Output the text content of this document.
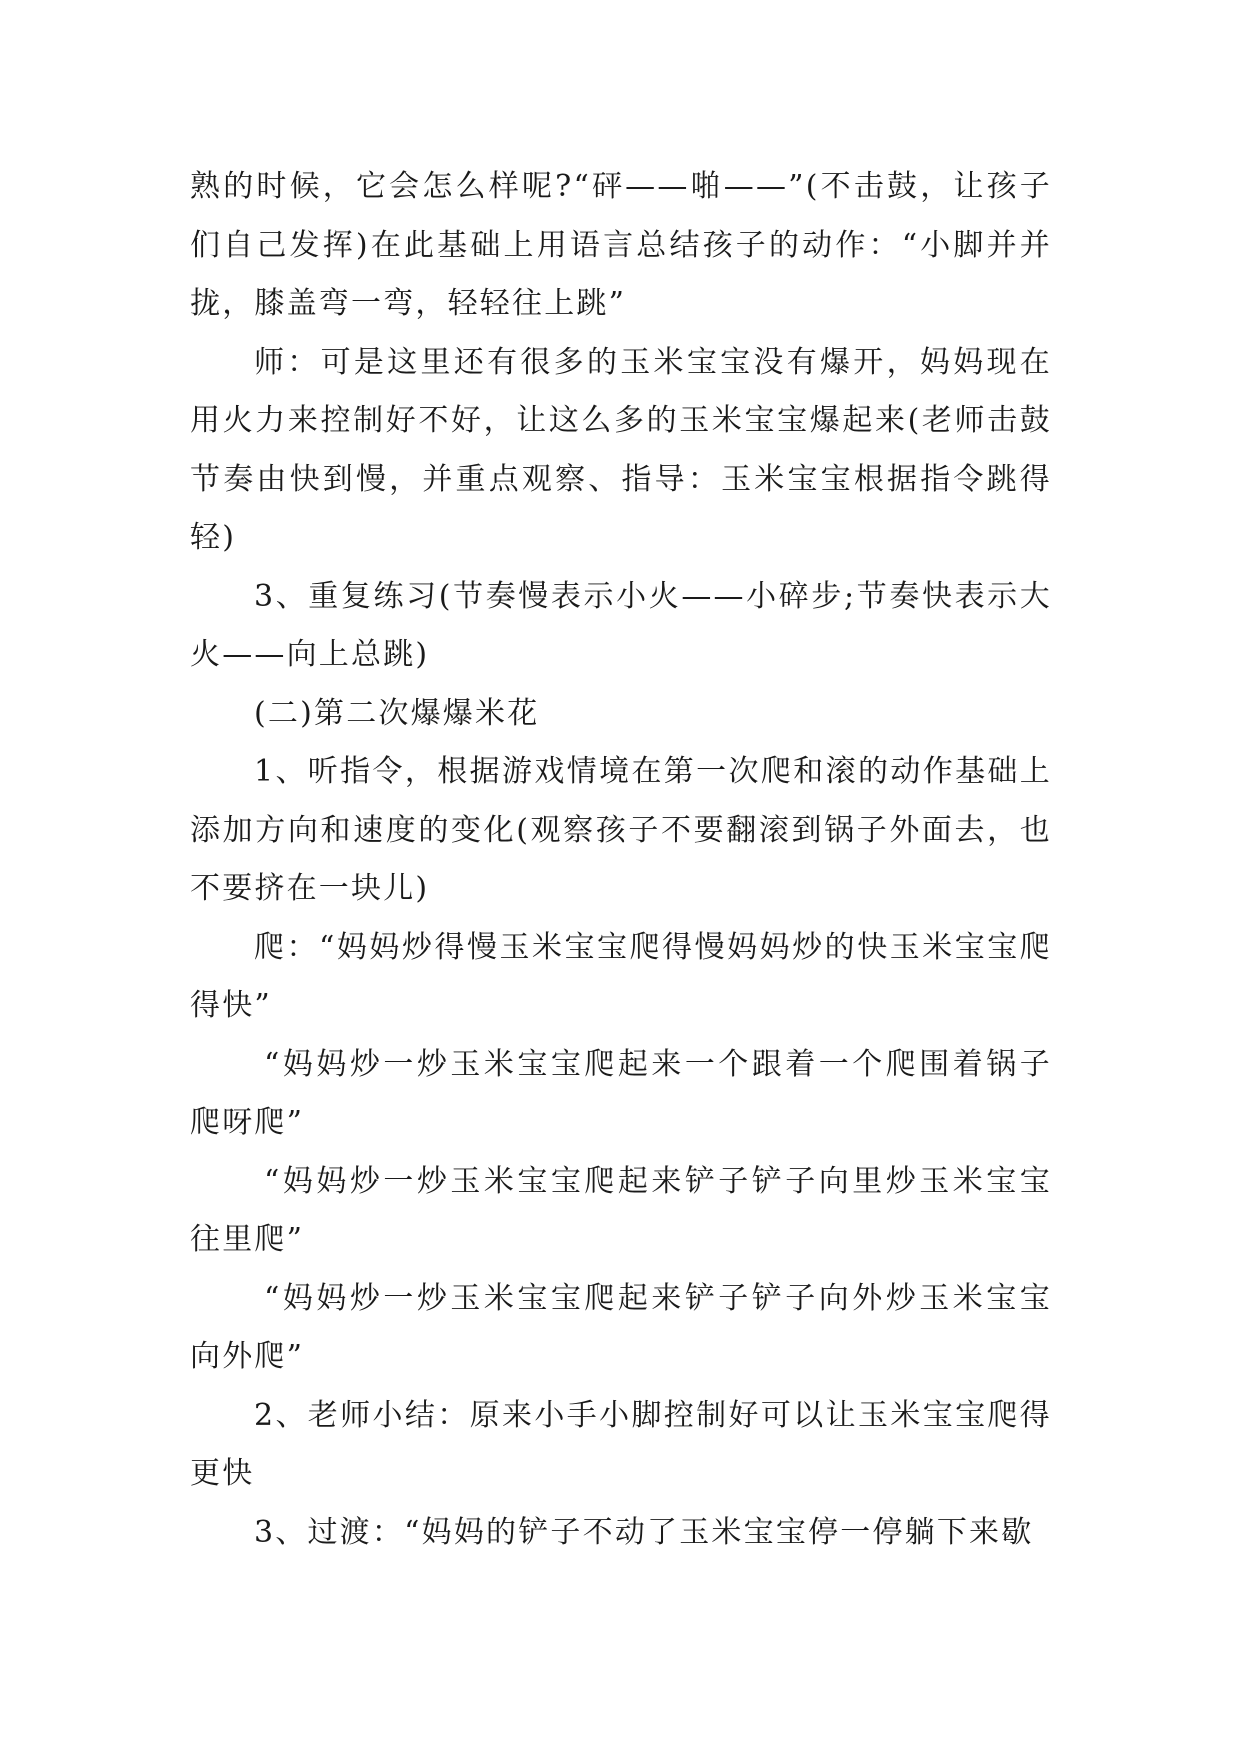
熟的时候，它会怎么样呢?“砰——啪——”(不击鼓，让孩子们自己发挥)在此基础上用语言总结孩子的动作：“小脚并并拢，膝盖弯一弯，轻轻往上跳”

师：可是这里还有很多的玉米宝宝没有爆开，妈妈现在用火力来控制好不好，让这么多的玉米宝宝爆起来(老师击鼓节奏由快到慢，并重点观察、指导：玉米宝宝根据指令跳得轻)

3、重复练习(节奏慢表示小火——小碎步;节奏快表示大火——向上总跳)

(二)第二次爆爆米花

1、听指令，根据游戏情境在第一次爬和滚的动作基础上添加方向和速度的变化(观察孩子不要翻滚到锅子外面去，也不要挤在一块儿)

爬：“妈妈炒得慢玉米宝宝爬得慢妈妈炒的快玉米宝宝爬得快”

“妈妈炒一炒玉米宝宝爬起来一个跟着一个爬围着锅子爬呀爬”

“妈妈炒一炒玉米宝宝爬起来铲子铲子向里炒玉米宝宝往里爬”

“妈妈炒一炒玉米宝宝爬起来铲子铲子向外炒玉米宝宝向外爬”

2、老师小结：原来小手小脚控制好可以让玉米宝宝爬得更快

3、过渡：“妈妈的铲子不动了玉米宝宝停一停躺下来歇
